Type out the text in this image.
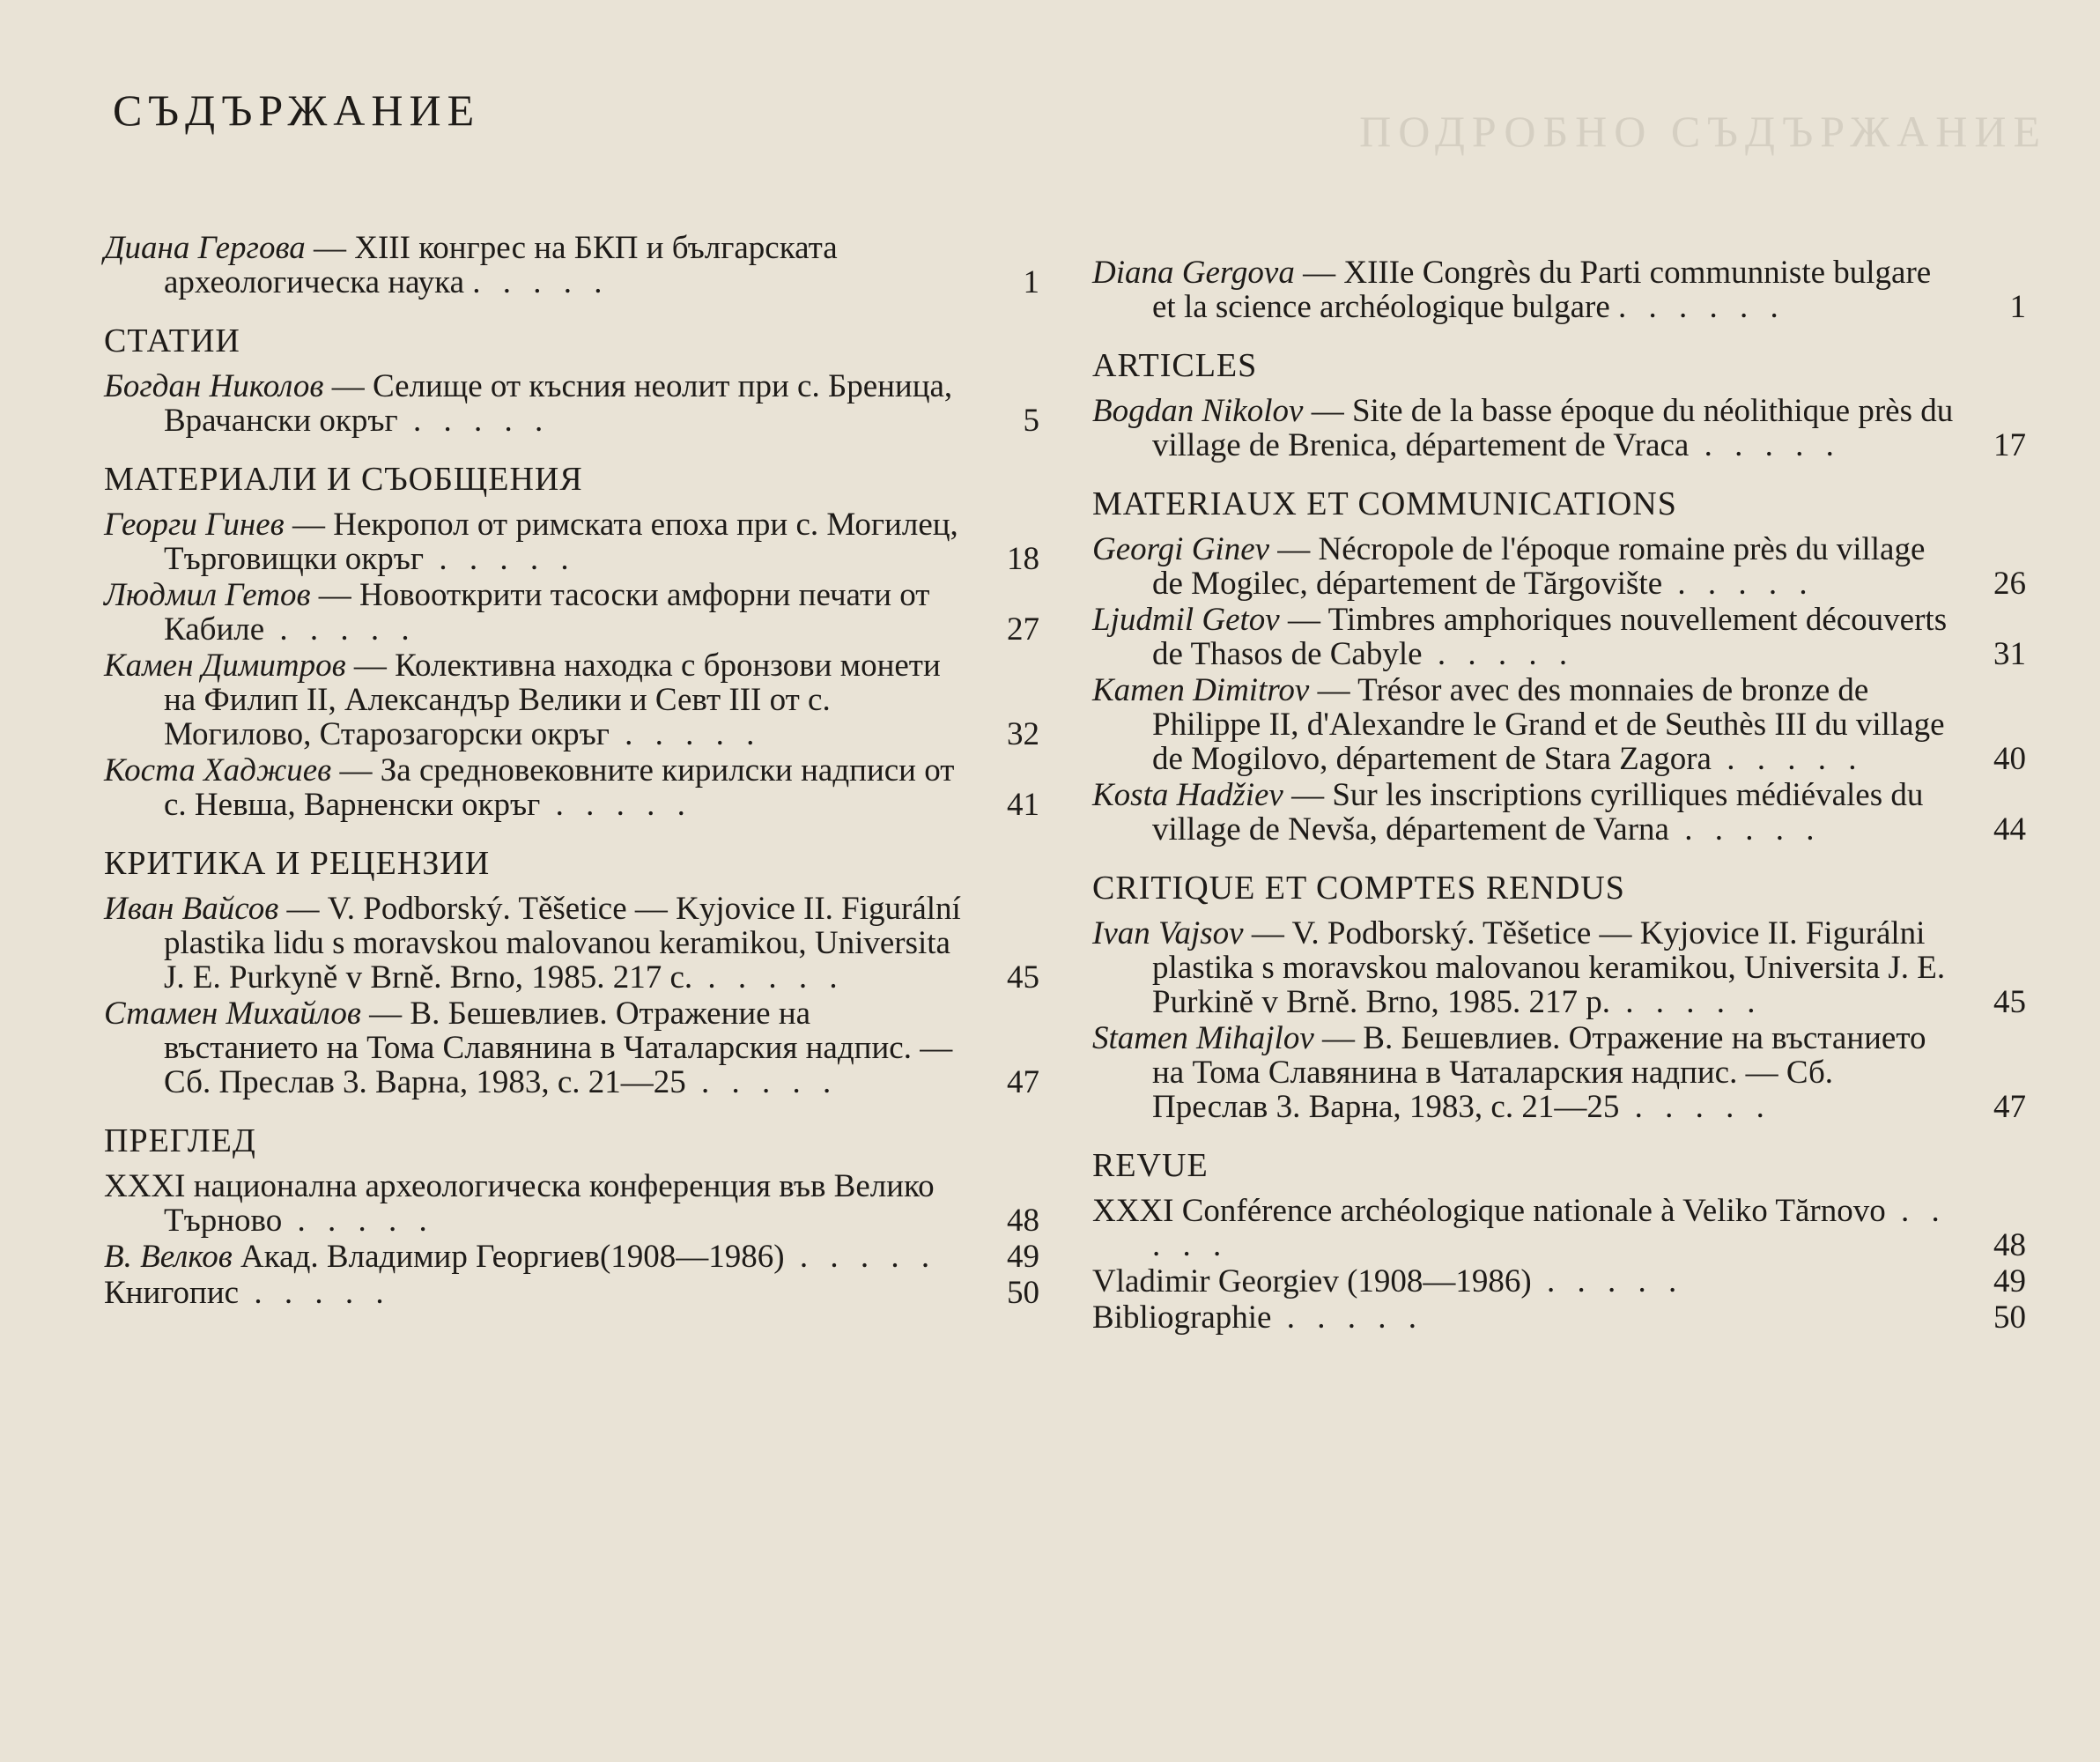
ПОДРОБНО СЪДЪРЖАНИЕ
СЪДЪРЖАНИЕ
Диана Гергова — XIII конгрес на БКП и българската археологическа наука . . . . .	1
СТАТИИ
Богдан Николов — Селище от късния неолит при с. Бреница, Врачански окръг . . . . .	5
МАТЕРИАЛИ И СЪОБЩЕНИЯ
Георги Гинев — Некропол от римската епоха при с. Могилец, Търговищки окръг . . . . .	18
Людмил Гетов — Новооткрити тасоски амфорни печати от Кабиле . . . . .	27
Камен Димитров — Колективна находка с бронзови монети на Филип II, Александър Велики и Севт III от с. Могилово, Старозагорски окръг . . . . .	32
Коста Хаджиев — За средновековните кирилски надписи от с. Невша, Варненски окръг . . . . .	41
КРИТИКА И РЕЦЕНЗИИ
Иван Вайсов — V. Podborský. Těšetice — Kyjovice II. Figurální plastika lidu s moravskou malovanou keramikou, Universita J. E. Purkyně v Brně. Brno, 1985. 217 c. . . . . .	45
Стамен Михайлов — В. Бешевлиев. Отражение на въстанието на Тома Славянина в Чаталарския надпис. — Сб. Преслав 3. Варна, 1983, с. 21—25 . . . . .	47
ПРЕГЛЕД
XXXI национална археологическа конференция във Велико Търново . . . . .	48
В. Велков Акад. Владимир Георгиев(1908—1986) . . . . . 49
Книгопис . . . . .	50
Diana Gergova — XIIIe Congrès du Parti communniste bulgare et la science archéologique bulgare . . . . . .	1
ARTICLES
Bogdan Nikolov — Site de la basse époque du néolithique près du village de Brenica, département de Vraca . . . . .	17
MATERIAUX ET COMMUNICATIONS
Georgi Ginev — Nécropole de l'époque romaine près du village de Mogilec, département de Tărgovište . . . . .	26
Ljudmil Getov — Timbres amphoriques nouvellement découverts de Thasos de Cabyle . . . . .	31
Kamen Dimitrov — Trésor avec des monnaies de bronze de Philippe II, d'Alexandre le Grand et de Seuthès III du village de Mogilovo, département de Stara Zagora . . . . .	40
Kosta Hadžiev — Sur les inscriptions cyrilliques médiévales du village de Nevša, département de Varna . . . . .	44
CRITIQUE ET COMPTES RENDUS
Ivan Vajsov — V. Podborský. Těšetice — Kyjovice II. Figurálni plastika s moravskou malovanou keramikou, Universita J. E. Purkinĕ v Brně. Brno, 1985. 217 p. . . . . .	45
Stamen Mihajlov — В. Бешевлиев. Отражение на въстанието на Тома Славянина в Чаталарския надпис. — Сб. Преслав 3. Варна, 1983, с. 21—25 . . . . .	47
REVUE
XXXI Conférence archéologique nationale à Veliko Tărnovo . . . . .	48
Vladimir Georgiev (1908—1986) . . . . .	49
Bibliographie . . . . .	50
